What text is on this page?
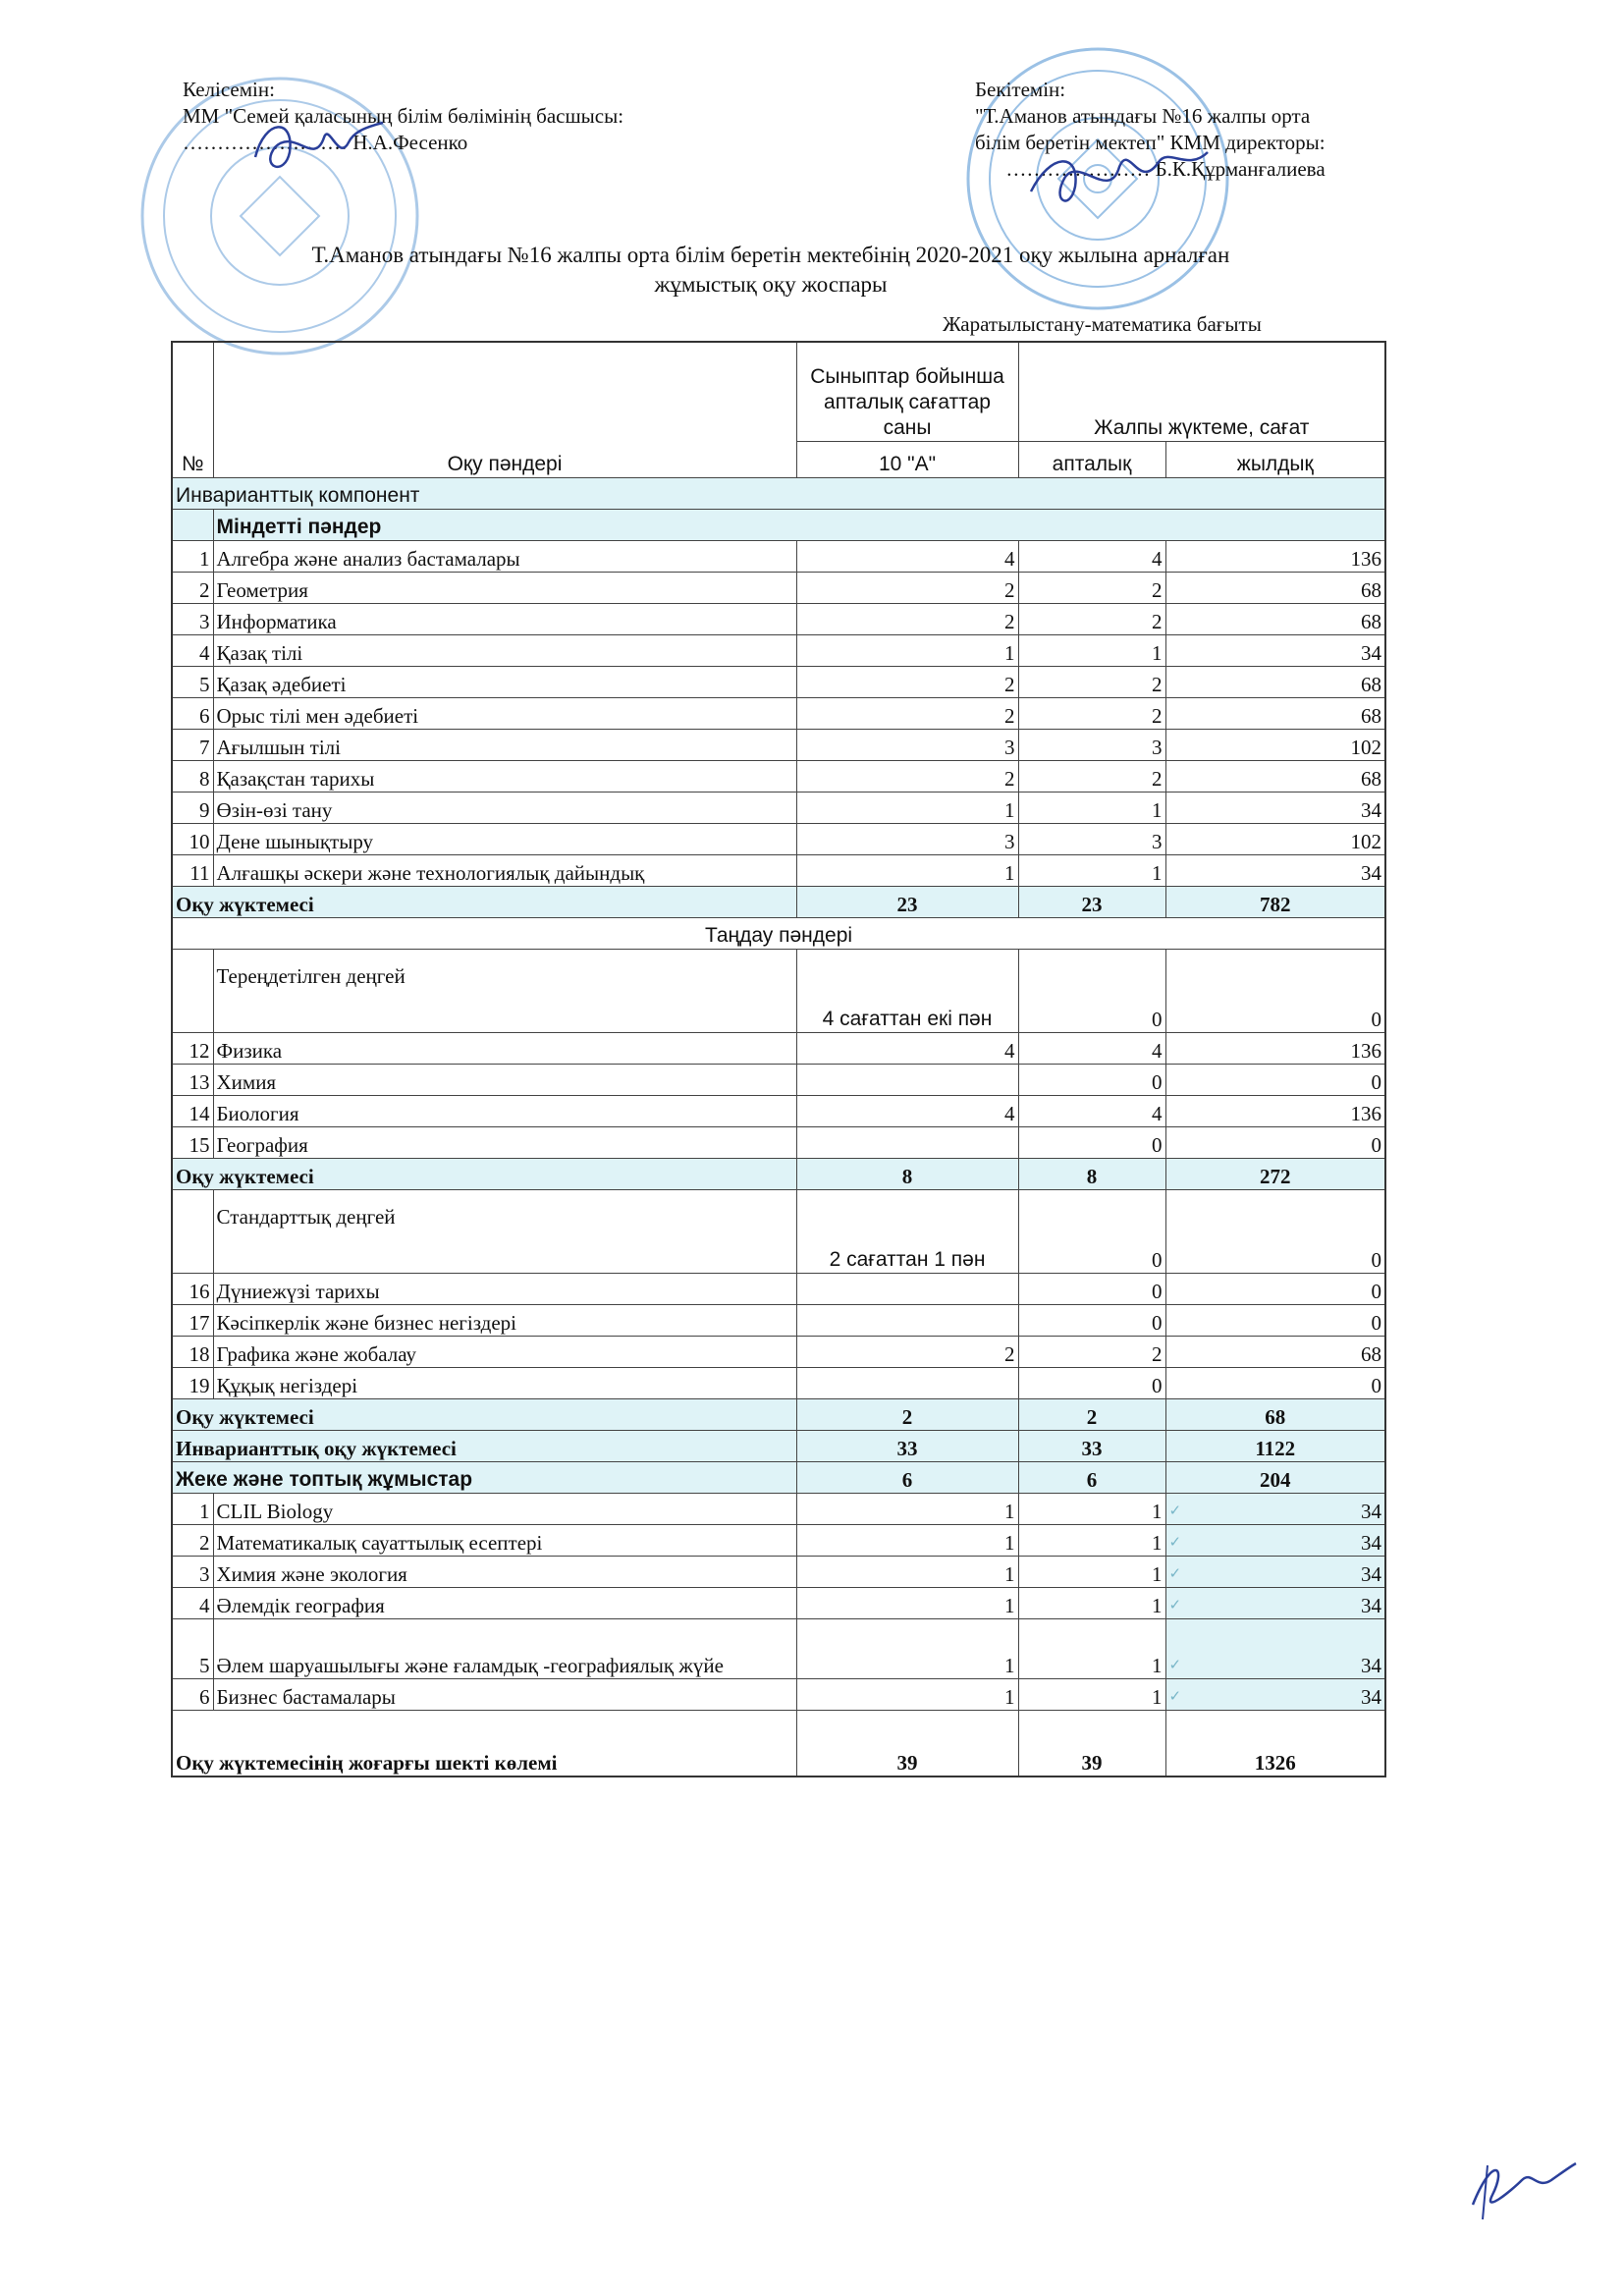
Келісемін:
ММ "Семей қаласының білім бөлімінің басшысы:
…………………… Н.А.Фесенко
Бекітемін:
"Т.Аманов атындағы №16 жалпы орта
білім беретін мектеп" КММ директоры:
………………… Б.К.Құрманғалиева
Т.Аманов атындағы №16 жалпы орта білім беретін мектебінің 2020-2021 оқу жылына арналған
жұмыстық оқу жоспары
Жаратылыстану-математика бағыты
№	Оқу пәндері	Сыныптар бойынша апталық сағаттар саны	Жалпы жүктеме, сағат	
		10 "А"	апталық	жылдық
Инварианттық компонент				
	Міндетті пәндер			
1	Алгебра және анализ бастамалары	4	4	136
2	Геометрия	2	2	68
3	Информатика	2	2	68
4	Қазақ тілі	1	1	34
5	Қазақ әдебиеті	2	2	68
6	Орыс тілі мен әдебиеті	2	2	68
7	Ағылшын тілі	3	3	102
8	Қазақстан тарихы	2	2	68
9	Өзін-өзі тану	1	1	34
10	Дене шынықтыру	3	3	102
11	Алғашқы әскери және технологиялық дайындық	1	1	34
Оқу жүктемесі		23	23	782
Таңдау пәндері				
	Тереңдетілген деңгей	4 сағаттан екі пән	0	0
12	Физика	4	4	136
13	Химия		0	0
14	Биология	4	4	136
15	География		0	0
Оқу жүктемесі		8	8	272
	Стандарттық деңгей	2 сағаттан 1 пән	0	0
16	Дүниежүзі тарихы		0	0
17	Кәсіпкерлік және бизнес негіздері		0	0
18	Графика және жобалау	2	2	68
19	Құқық негіздері		0	0
Оқу жүктемесі		2	2	68
Инварианттық оқу жүктемесі		33	33	1122
Жеке және топтық жұмыстар		6	6	204
1	CLIL Biology	1	1	✓ 34
2	Математикалық сауаттылық есептері	1	1	✓ 34
3	Химия және экология	1	1	✓ 34
4	Әлемдік география	1	1	✓ 34
5	Әлем шаруашылығы және ғаламдық -географиялық жүйе	1	1	✓ 34
6	Бизнес бастамалары	1	1	✓ 34
Оқу жүктемесінің жоғарғы шекті көлемі		39	39	1326
